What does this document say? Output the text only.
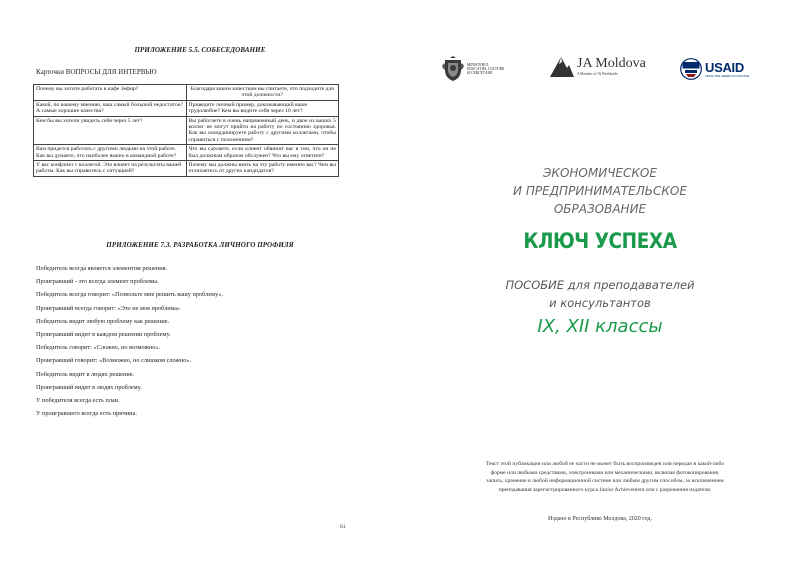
ПРИЛОЖЕНИЕ 5.5. СОБЕСЕДОВАНИЕ
Карточки ВОПРОСЫ ДЛЯ ИНТЕРВЬЮ
Почему вы хотите работать в кафе Зефир?	Благодаря каким качествам вы считаете, что подходите для этой должности?
Какой, по вашему мнению, ваш самый большой недостаток? А самые хорошие качества?	Приведите личный пример, доказывающий ваше трудолюбие? Кем вы видите себя через 10 лет?
Кем бы вы хотели увидеть себя через 5 лет?	Вы работаете в очень напряженный день, и двое из ваших 5 коллег не могут прийти на работу по состоянию здоровья. Как вы скоординируете работу с другими коллегами, чтобы справиться с положением?
Вам придется работать с другими людьми на этой работе. Как вы думаете, что наиболее важно в командной работе?	Что вы сделаете, если клиент обвинит вас в том, что он не был должным образом обслужен? Что вы ему ответите?
У вас конфликт с коллегой. Это влияет на результаты вашей работы. Как вы справитесь с ситуацией?	Почему мы должны взять на эту работу именно вас? Чем вы отличаетесь от других кандидатов?
ПРИЛОЖЕНИЕ 7.3. РАЗРАБОТКА ЛИЧНОГО ПРОФИЛЯ
Победитель всегда является элементом решения.
Проигравший - это всегда элемент проблемы.
Победитель всегда говорит: «Позвольте мне решить вашу проблему».
Проигравший всегда говорит: «Это не моя проблема»
Победитель видит любую проблему как решение.
Проигравший видит в каждом решении проблему.
Победитель говорит: «Сложно, но возможно».
Проигравший говорит: «Возможно, но слишком сложно».
Победитель видит в людях решение.
Проигравший видит в людях проблему.
У победителя всегда есть план.
У проигравшего всегда есть причина.
61
MINISTERUL
EDUCAȚIEI, CULTURII
ȘI CERCETĂRII
JA Moldova
A Member of JA Worldwide	USAID
FROM THE AMERICAN PEOPLE
ЭКОНОМИЧЕСКОЕ
И ПРЕДПРИНИМАТЕЛЬСКОЕ
ОБРАЗОВАНИЕ
КЛЮЧ УСПЕХА
ПОСОБИЕ для преподавателей
и консультантов
IX, XII классы
Текст этой публикации или любой ее части не может быть воспроизведен или передан в какой-либо
форме или любыми средствами, электронными или механическими, включая фотокопирование,
запись, хранение в любой информационной системе или любым другим способом, за исключением
преподавания зарегистрированного курса Junior Achievement или с разрешения издателя.
Издано в Республике Молдова, 2020 год.
